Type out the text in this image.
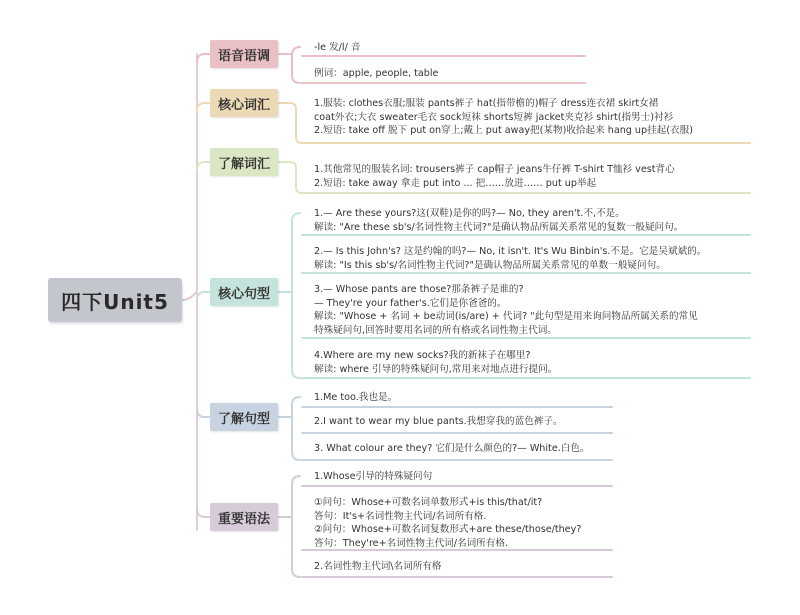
四下Unit5
语音语调
核心词汇
了解词汇
核心句型
了解句型
重要语法
-le 发/l/ 音
例词：apple, people, table
1.服装: clothes衣服;服装 pants裤子 hat(指带檐的)帽子 dress连衣裙 skirt女裙
coat外衣;大衣 sweater毛衣 sock短袜 shorts短裤 jacket夹克衫 shirt(指男士)衬衫
2.短语: take off 脱下 put on穿上;戴上 put away把(某物)收拾起来 hang up挂起(衣服)
1.其他常见的服装名词: trousers裤子 cap帽子 jeans牛仔裤 T-shirt T恤衫 vest背心
2.短语: take away 拿走 put into ... 把……放进…… put up举起
1.— Are these yours?这(双鞋)是你的吗?— No, they aren't.不,不是。
解读: "Are these sb's/名词性物主代词?"是确认物品所属关系常见的复数一般疑问句。
2.— Is this John's? 这是约翰的吗?— No, it isn't. It's Wu Binbin's.不是。它是吴斌斌的。
解读: "Is this sb's/名词性物主代词?"是确认物品所属关系常见的单数一般疑问句。
3.— Whose pants are those?那条裤子是谁的?
— They're your father's.它们是你爸爸的。
解读: "Whose + 名词 + be动词(is/are) + 代词? "此句型是用来询问物品所属关系的常见
特殊疑问句,回答时要用名词的所有格或名词性物主代词。
4.Where are my new socks?我的新袜子在哪里?
解读: where 引导的特殊疑问句,常用来对地点进行提问。
1.Me too.我也是。
2.I want to wear my blue pants.我想穿我的蓝色裤子。
3. What colour are they? 它们是什么颜色的?— White.白色。
1.Whose引导的特殊疑问句
①问句：Whose+可数名词单数形式+is this/that/it?
答句：It's+名词性物主代词/名词所有格.
②问句：Whose+可数名词复数形式+are these/those/they?
答句：They're+名词性物主代词/名词所有格.
2.名词性物主代词\名词所有格
